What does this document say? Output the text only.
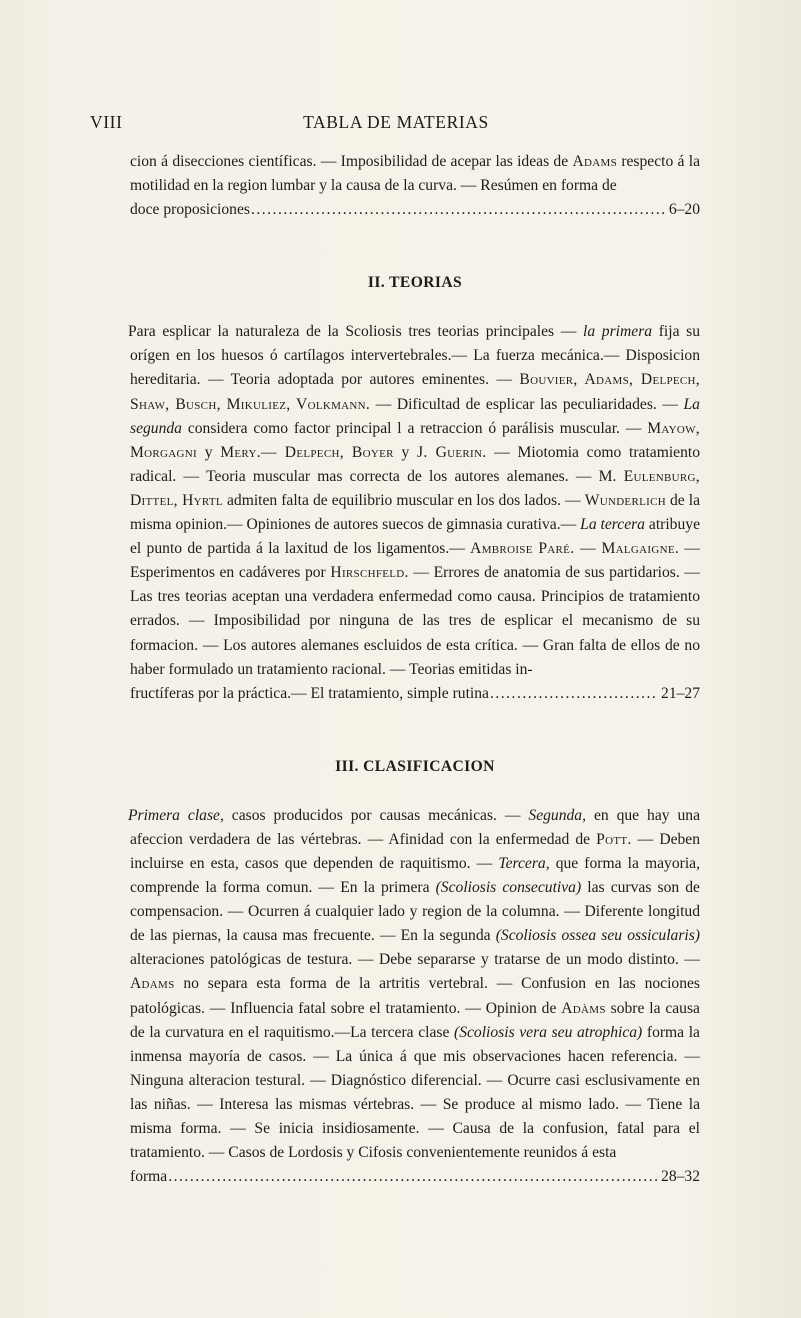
VIII	TABLA DE MATERIAS

cion á disecciones científicas. — Imposibilidad de acepar las ideas de Adams respecto á la motilidad en la region lumbar y la causa de la curva. — Resúmen en forma de

doce proposiciones .....	6–20
II. TEORIAS

Para esplicar la naturaleza de la Scoliosis tres teorias principales — la primera fija su orígen en los huesos ó cartílagos intervertebrales.— La fuerza mecánica.— Disposicion hereditaria. — Teoria adoptada por autores eminentes. — Bouvier, Adams, Delpech, Shaw, Busch, Mikuliez, Volkmann. — Dificultad de esplicar las peculiaridades. — La segunda considera como factor principal l a retraccion ó parálisis muscular. — Mayow, Morgagni y Mery.— Delpech, Boyer y J. Guerin. — Miotomia como tratamiento radical. — Teoria muscular mas correcta de los autores alemanes. — M. Eulenburg, Dittel, Hyrtl admiten falta de equilibrio muscular en los dos lados. — Wunderlich de la misma opinion.— Opiniones de autores suecos de gimnasia curativa.— La tercera atribuye el punto de partida á la laxitud de los ligamentos.— Ambroise Paré. — Malgaigne. — Esperimentos en cadáveres por Hirschfeld. — Errores de anatomia de sus partidarios. — Las tres teorias aceptan una verdadera enfermedad como causa. Principios de tratamiento errados. — Imposibilidad por ninguna de las tres de esplicar el mecanismo de su formacion. — Los autores alemanes escluidos de esta crítica. — Gran falta de ellos de no haber formulado un tratamiento racional. — Teorias emitidas in-

fructíferas por la práctica.— El tratamiento, simple rutina .....	21–27
III. CLASIFICACION

Primera clase, casos producidos por causas mecánicas. — Segunda, en que hay una afeccion verdadera de las vértebras. — Afinidad con la enfermedad de Pott. — Deben incluirse en esta, casos que dependen de raquitismo. — Tercera, que forma la mayoria, comprende la forma comun. — En la primera (Scoliosis consecutiva) las curvas son de compensacion. — Ocurren á cualquier lado y region de la columna. — Diferente longitud de las piernas, la causa mas frecuente. — En la segunda (Scoliosis ossea seu ossicularis) alteraciones patológicas de testura. — Debe separarse y tratarse de un modo distinto. — Adams no separa esta forma de la artritis vertebral. — Confusion en las nociones patológicas. — Influencia fatal sobre el tratamiento. — Opinion de Adàms sobre la causa de la curvatura en el raquitismo.—La tercera clase (Scoliosis vera seu atrophica) forma la inmensa mayoría de casos. — La única á que mis observaciones hacen referencia. — Ninguna alteracion testural. — Diagnóstico diferencial. — Ocurre casi esclusivamente en las niñas. — Interesa las mismas vértebras. — Se produce al mismo lado. — Tiene la misma forma. — Se inicia insidiosamente. — Causa de la confusion, fatal para el tratamiento. — Casos de Lordosis y Cifosis convenientemente reunidos á esta

forma .....	28–32
